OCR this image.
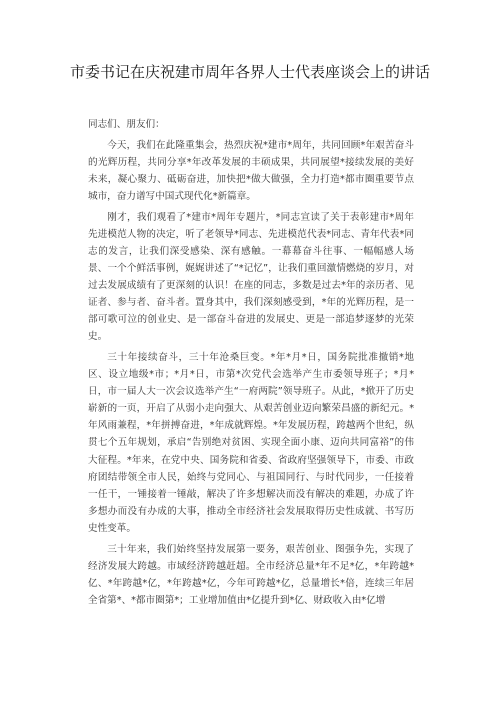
市委书记在庆祝建市周年各界人士代表座谈会上的讲话

同志们、朋友们：

今天，我们在此隆重集会，热烈庆祝*建市*周年，共同回顾*年艰苦奋斗的光辉历程，共同分享*年改革发展的丰硕成果，共同展望*接续发展的美好未来，凝心聚力、砥砺奋进，加快把*做大做强，全力打造*都市圈重要节点城市，奋力谱写中国式现代化*新篇章。

刚才，我们观看了*建市*周年专题片，*同志宣读了关于表彰建市*周年先进模范人物的决定，听了老领导*同志、先进模范代表*同志、青年代表*同志的发言，让我们深受感染、深有感触。一幕幕奋斗往事、一幅幅感人场景、一个个鲜活事例，娓娓讲述了“*记忆”，让我们重回激情燃烧的岁月，对过去发展成绩有了更深刻的认识！在座的同志，多数是过去*年的亲历者、见证者、参与者、奋斗者。置身其中，我们深刻感受到，*年的光辉历程，是一部可歌可泣的创业史、是一部奋斗奋进的发展史、更是一部追梦逐梦的光荣史。

三十年接续奋斗，三十年沧桑巨变。*年*月*日，国务院批准撤销*地区、设立地级*市；*月*日，市第*次党代会选举产生市委领导班子；*月*日，市一届人大一次会议选举产生“一府两院”领导班子。从此，*掀开了历史崭新的一页，开启了从弱小走向强大、从艰苦创业迈向繁荣昌盛的新纪元。*年风雨兼程，*年拼搏奋进，*年成就辉煌。*年发展历程，跨越两个世纪，纵贯七个五年规划，承启“告别绝对贫困、实现全面小康、迈向共同富裕”的伟大征程。*年来，在党中央、国务院和省委、省政府坚强领导下，市委、市政府团结带领全市人民，始终与党同心、与祖国同行、与时代同步，一任接着一任干，一锤接着一锤敲，解决了许多想解决而没有解决的难题，办成了许多想办而没有办成的大事，推动全市经济社会发展取得历史性成就、书写历史性变革。

三十年来，我们始终坚持发展第一要务，艰苦创业、图强争先，实现了经济发展大跨越。市域经济跨越赶超。全市经济总量*年不足*亿，*年跨越*亿、*年跨越*亿，*年跨越*亿，今年可跨越*亿，总量增长*倍，连续三年居全省第*、*都市圈第*；工业增加值由*亿提升到*亿、财政收入由*亿增
